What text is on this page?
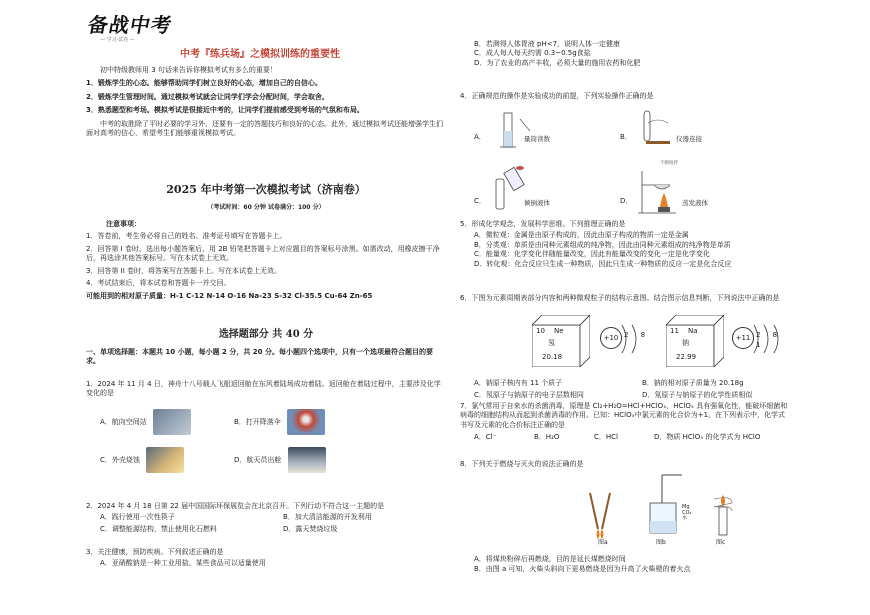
备战中考
— 学习·试卷 —
中考『练兵场』之模拟训练的重要性

初中特级教师用 3 句话来告诉你模拟考试有多么的重要！

1．锻炼学生的心态。能够帮助同学们树立良好的心态，增加自己的自信心。

2．锻炼学生管理时间。通过模拟考试就会让同学们学会分配时间，学会取舍。

3．熟悉题型和考场。模拟考试是很接近中考的，让同学们提前感受到考场的气氛和布局。

中考的取胜除了平时必要的学习外，还要有一定的答题技巧和良好的心态。此外，通过模拟考试还能增强学生们面对高考的信心，希望考生们能够重视模拟考试。

2025 年中考第一次模拟考试（济南卷）
（考试时间：60 分钟 试卷满分：100 分）

注意事项：

1．答卷前，考生务必将自己的姓名、准考证号填写在答题卡上。

2．回答第 I 卷时，选出每小题答案后，用 2B 铅笔把答题卡上对应题目的答案标号涂黑。如需改动，用橡皮擦干净后，再选涂其他答案标号。写在本试卷上无效。

3．回答第 II 卷时，将答案写在答题卡上。写在本试卷上无效。

4．考试结束后，将本试卷和答题卡一并交回。

可能用到的相对原子质量：H-1 C-12 N-14 O-16 Na-23 S-32 Cl-35.5 Cu-64 Zn-65

选择题部分 共 40 分

一、单项选择题：本题共 10 小题，每小题 2 分，共 20 分。每小题四个选项中，只有一个选项最符合题目的要求。

1．2024 年 11 月 4 日，神舟十八号载人飞船返回舱在东风着陆场成功着陆。返回舱在着陆过程中，主要涉及化学变化的是

A．航向空间站	B．打开降落伞
C．外壳烧蚀	D．航天员出舱

2．2024 年 4 月 18 日第 22 届中国国际环保展览会在北京召开。下列行动不符合这一主题的是

A．践行使用一次性筷子	B．加大清洁能源的开发利用
C．调整能源结构，禁止使用化石燃料	D．露天焚烧垃圾

3．关注健康，预防疾病。下列叙述正确的是

A．亚硝酸钠是一种工业用盐，某些食品可以适量使用

B．若测得人体胃液 pH<7，说明人体一定健康

C．成人每人每天约需 0.3~0.5g食盐

D．为了农业的高产丰收，必须大量的施用农药和化肥

4．正确规范的操作是实验成功的前提，下列实验操作正确的是

A．	量筒读数	B．	仪器连接
C．	倾倒液体	D．
不断搅拌
蒸发液体

5．形成化学观念，发展科学思维。下列推理正确的是

A．微粒观：金属是由原子构成的，因此由原子构成的物质一定是金属

B．分类观：单质是由同种元素组成的纯净物，因此由同种元素组成的纯净物是单质

C．能量观：化学变化伴随能量改变，因此有能量改变的变化一定是化学变化

D．转化观：化合反应只生成一种物质，因此只生成一种物质的反应一定是化合反应

6．下图为元素周期表部分内容和两种微观粒子的结构示意图。结合图示信息判断，下列说法中正确的是

10 Ne
氖
20.18
+10 2 8	11 Na
钠
22.99
+11 2 8 1
A．钠原子核内有 11 个质子	B．钠的相对原子质量为 20.18g
C．氖原子与钠原子的电子层数相同	D．氖原子与钠原子的化学性质相似

7．氯气常用于自来水的杀菌消毒，原理是 Cl₂+H₂O=HCl+HClOₓ，HClOₓ 具有强氧化性，能破坏细菌和病毒的细胞结构从而起到杀菌消毒的作用。已知：HClOₓ中氯元素的化合价为+1。在下列表示中，化学式书写及元素的化合价标注正确的是

A．Cl⁻	B．H₂O	C．HCl	D．物质 HClOₓ 的化学式为 HClO

8．下列关于燃烧与灭火的说法正确的是

图a
Mg
CO₂
水
图b	图c

A．将煤块粉碎后再燃烧，目的是延长煤燃烧时间

B．由图 a 可知，火柴头斜向下更易燃烧是因为升高了火柴梗的着火点
